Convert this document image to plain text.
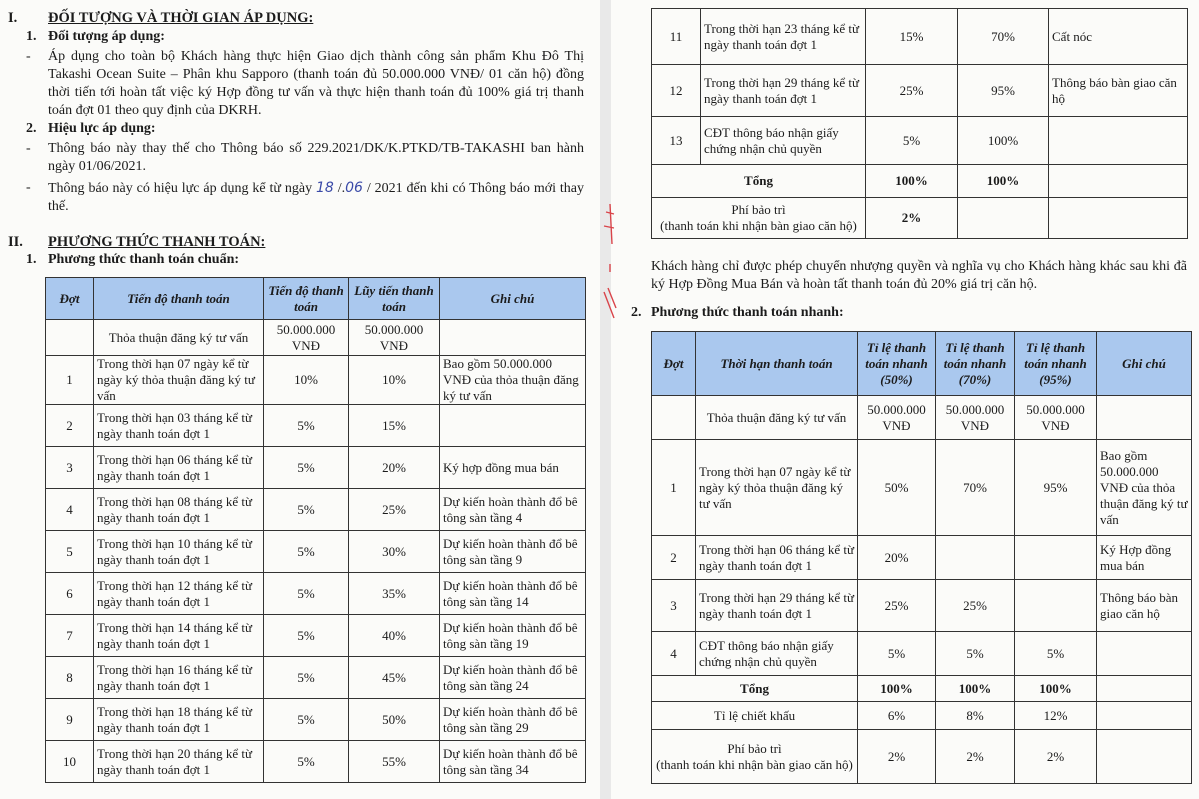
I. ĐỐI TƯỢNG VÀ THỜI GIAN ÁP DỤNG:
1. Đối tượng áp dụng:
- Áp dụng cho toàn bộ Khách hàng thực hiện Giao dịch thành công sản phẩm Khu Đô Thị Takashi Ocean Suite – Phân khu Sapporo (thanh toán đủ 50.000.000 VNĐ/ 01 căn hộ) đồng thời tiến tới hoàn tất việc ký Hợp đồng tư vấn và thực hiện thanh toán đủ 100% giá trị thanh toán đợt 01 theo quy định của DKRH.
2. Hiệu lực áp dụng:
- Thông báo này thay thế cho Thông báo số 229.2021/DK/K.PTKD/TB-TAKASHI ban hành ngày 01/06/2021.
- Thông báo này có hiệu lực áp dụng kể từ ngày 18 /.06 / 2021 đến khi có Thông báo mới thay thế.
II. PHƯƠNG THỨC THANH TOÁN:
1. Phương thức thanh toán chuẩn:
Đợt	Tiến độ thanh toán	Tiến độ thanh toán	Lũy tiến thanh toán	Ghi chú
	Thỏa thuận đăng ký tư vấn	50.000.000 VNĐ	50.000.000 VNĐ	
1	Trong thời hạn 07 ngày kể từ ngày ký thỏa thuận đăng ký tư vấn	10%	10%	Bao gồm 50.000.000 VNĐ của thỏa thuận đăng ký tư vấn
2	Trong thời hạn 03 tháng kể từ ngày thanh toán đợt 1	5%	15%	
3	Trong thời hạn 06 tháng kể từ ngày thanh toán đợt 1	5%	20%	Ký hợp đồng mua bán
4	Trong thời hạn 08 tháng kể từ ngày thanh toán đợt 1	5%	25%	Dự kiến hoàn thành đổ bê tông sàn tầng 4
5	Trong thời hạn 10 tháng kể từ ngày thanh toán đợt 1	5%	30%	Dự kiến hoàn thành đổ bê tông sàn tầng 9
6	Trong thời hạn 12 tháng kể từ ngày thanh toán đợt 1	5%	35%	Dự kiến hoàn thành đổ bê tông sàn tầng 14
7	Trong thời hạn 14 tháng kể từ ngày thanh toán đợt 1	5%	40%	Dự kiến hoàn thành đổ bê tông sàn tầng 19
8	Trong thời hạn 16 tháng kể từ ngày thanh toán đợt 1	5%	45%	Dự kiến hoàn thành đổ bê tông sàn tầng 24
9	Trong thời hạn 18 tháng kể từ ngày thanh toán đợt 1	5%	50%	Dự kiến hoàn thành đổ bê tông sàn tầng 29
10	Trong thời hạn 20 tháng kể từ ngày thanh toán đợt 1	5%	55%	Dự kiến hoàn thành đổ bê tông sàn tầng 34
11	Trong thời hạn 23 tháng kể từ ngày thanh toán đợt 1	15%	70%	Cất nóc
12	Trong thời hạn 29 tháng kể từ ngày thanh toán đợt 1	25%	95%	Thông báo bàn giao căn hộ
13	CĐT thông báo nhận giấy chứng nhận chủ quyền	5%	100%	
Tổng		100%	100%	
Phí bảo trì
(thanh toán khi nhận bàn giao căn hộ)		2%		
Khách hàng chỉ được phép chuyển nhượng quyền và nghĩa vụ cho Khách hàng khác sau khi đã ký Hợp Đồng Mua Bán và hoàn tất thanh toán đủ 20% giá trị căn hộ.
2. Phương thức thanh toán nhanh:
Đợt	Thời hạn thanh toán	Tỉ lệ thanh toán nhanh (50%)	Tỉ lệ thanh toán nhanh (70%)	Tỉ lệ thanh toán nhanh (95%)	Ghi chú
	Thỏa thuận đăng ký tư vấn	50.000.000 VNĐ	50.000.000 VNĐ	50.000.000 VNĐ	
1	Trong thời hạn 07 ngày kể từ ngày ký thỏa thuận đăng ký tư vấn	50%	70%	95%	Bao gồm 50.000.000 VNĐ của thỏa thuận đăng ký tư vấn
2	Trong thời hạn 06 tháng kể từ ngày thanh toán đợt 1	20%			Ký Hợp đồng mua bán
3	Trong thời hạn 29 tháng kể từ ngày thanh toán đợt 1	25%	25%		Thông báo bàn giao căn hộ
4	CĐT thông báo nhận giấy chứng nhận chủ quyền	5%	5%	5%	
Tổng		100%	100%	100%	
Tỉ lệ chiết khấu		6%	8%	12%	
Phí bảo trì
(thanh toán khi nhận bàn giao căn hộ)		2%	2%	2%	
